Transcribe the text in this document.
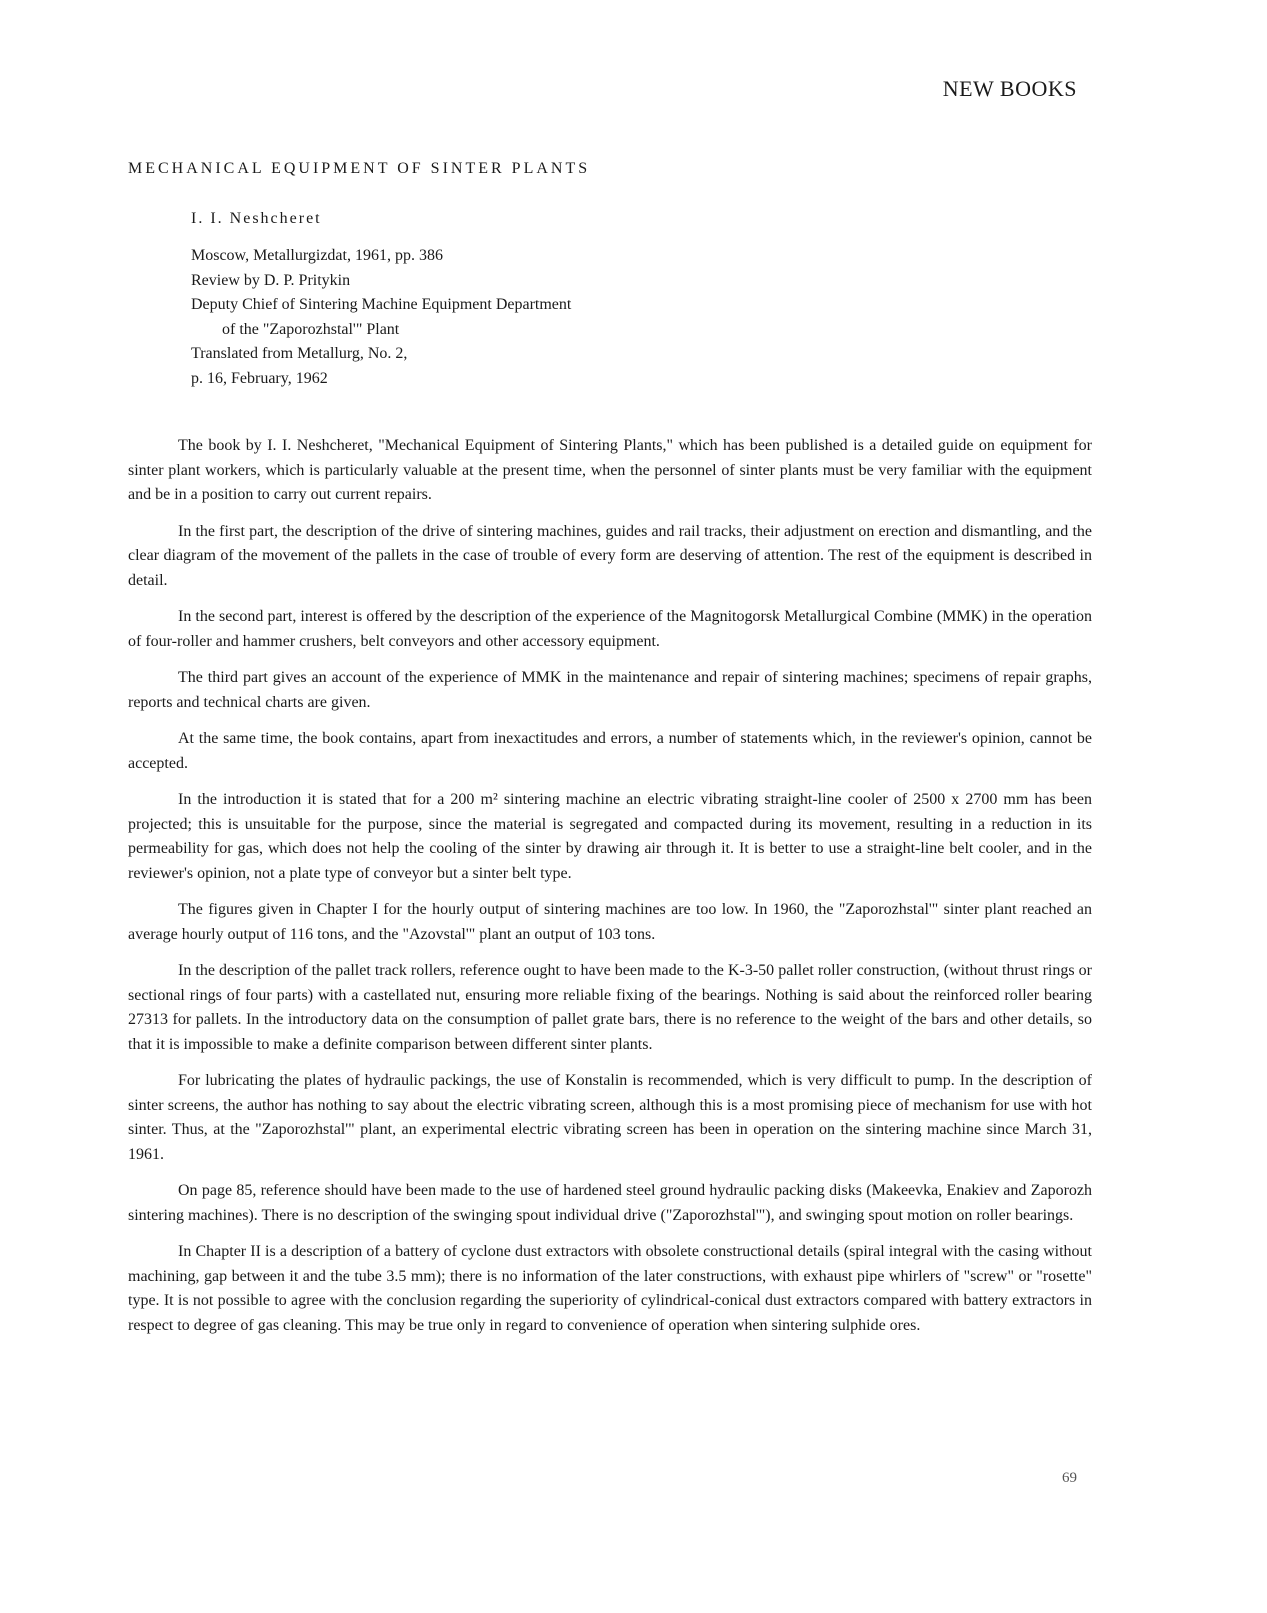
NEW BOOKS
MECHANICAL EQUIPMENT OF SINTER PLANTS
I. I. Neshcheret
Moscow, Metallurgizdat, 1961, pp. 386
Review by D. P. Pritykin
Deputy Chief of Sintering Machine Equipment Department
of the "Zaporozhstal'" Plant
Translated from Metallurg, No. 2,
p. 16, February, 1962

The book by I. I. Neshcheret, "Mechanical Equipment of Sintering Plants," which has been published is a detailed guide on equipment for sinter plant workers, which is particularly valuable at the present time, when the personnel of sinter plants must be very familiar with the equipment and be in a position to carry out current repairs.

In the first part, the description of the drive of sintering machines, guides and rail tracks, their adjustment on erection and dismantling, and the clear diagram of the movement of the pallets in the case of trouble of every form are deserving of attention. The rest of the equipment is described in detail.

In the second part, interest is offered by the description of the experience of the Magnitogorsk Metallurgical Combine (MMK) in the operation of four-roller and hammer crushers, belt conveyors and other accessory equipment.

The third part gives an account of the experience of MMK in the maintenance and repair of sintering machines; specimens of repair graphs, reports and technical charts are given.

At the same time, the book contains, apart from inexactitudes and errors, a number of statements which, in the reviewer's opinion, cannot be accepted.

In the introduction it is stated that for a 200 m² sintering machine an electric vibrating straight-line cooler of 2500 x 2700 mm has been projected; this is unsuitable for the purpose, since the material is segregated and compacted during its movement, resulting in a reduction in its permeability for gas, which does not help the cooling of the sinter by drawing air through it. It is better to use a straight-line belt cooler, and in the reviewer's opinion, not a plate type of conveyor but a sinter belt type.

The figures given in Chapter I for the hourly output of sintering machines are too low. In 1960, the "Zaporozhstal'" sinter plant reached an average hourly output of 116 tons, and the "Azovstal'" plant an output of 103 tons.

In the description of the pallet track rollers, reference ought to have been made to the K-3-50 pallet roller construction, (without thrust rings or sectional rings of four parts) with a castellated nut, ensuring more reliable fixing of the bearings. Nothing is said about the reinforced roller bearing 27313 for pallets. In the introductory data on the consumption of pallet grate bars, there is no reference to the weight of the bars and other details, so that it is impossible to make a definite comparison between different sinter plants.

For lubricating the plates of hydraulic packings, the use of Konstalin is recommended, which is very difficult to pump. In the description of sinter screens, the author has nothing to say about the electric vibrating screen, although this is a most promising piece of mechanism for use with hot sinter. Thus, at the "Zaporozhstal'" plant, an experimental electric vibrating screen has been in operation on the sintering machine since March 31, 1961.

On page 85, reference should have been made to the use of hardened steel ground hydraulic packing disks (Makeevka, Enakiev and Zaporozh sintering machines). There is no description of the swinging spout individual drive ("Zaporozhstal'"), and swinging spout motion on roller bearings.

In Chapter II is a description of a battery of cyclone dust extractors with obsolete constructional details (spiral integral with the casing without machining, gap between it and the tube 3.5 mm); there is no information of the later constructions, with exhaust pipe whirlers of "screw" or "rosette" type. It is not possible to agree with the conclusion regarding the superiority of cylindrical-conical dust extractors compared with battery extractors in respect to degree of gas cleaning. This may be true only in regard to convenience of operation when sintering sulphide ores.

69
